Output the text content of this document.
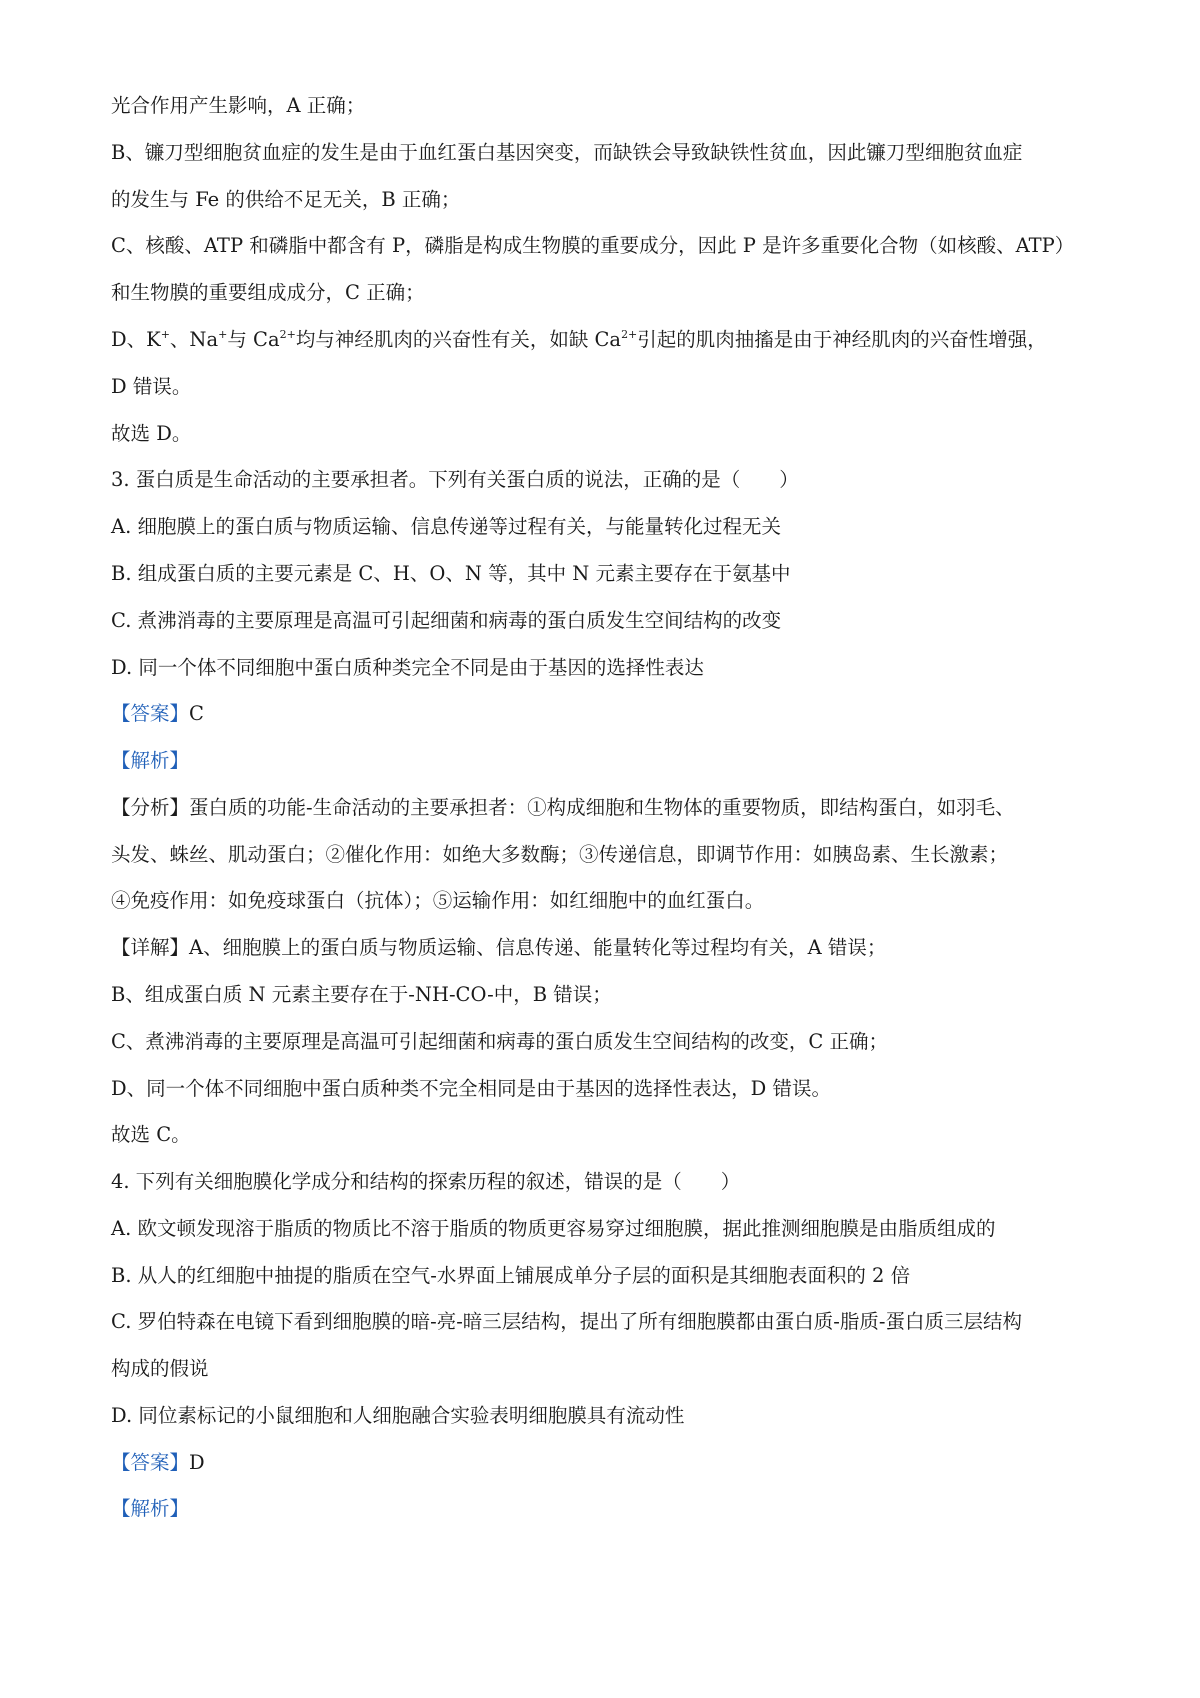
光合作用产生影响，A 正确；
B、镰刀型细胞贫血症的发生是由于血红蛋白基因突变，而缺铁会导致缺铁性贫血，因此镰刀型细胞贫血症
的发生与 Fe 的供给不足无关，B 正确；
C、核酸、ATP 和磷脂中都含有 P，磷脂是构成生物膜的重要成分，因此 P 是许多重要化合物（如核酸、ATP）
和生物膜的重要组成成分，C 正确；
D、K+、Na+与 $Ca^{2+}$均与神经肌肉的兴奋性有关，如缺 $Ca^{2+}$引起的肌肉抽搐是由于神经肌肉的兴奋性增强，
D 错误。
故选 D。
3. 蛋白质是生命活动的主要承担者。下列有关蛋白质的说法，正确的是（　　）
A. 细胞膜上的蛋白质与物质运输、信息传递等过程有关，与能量转化过程无关
B. 组成蛋白质的主要元素是 C、H、O、N 等，其中 N 元素主要存在于氨基中
C. 煮沸消毒的主要原理是高温可引起细菌和病毒的蛋白质发生空间结构的改变
D. 同一个体不同细胞中蛋白质种类完全不同是由于基因的选择性表达
【答案】C
【解析】
【分析】蛋白质的功能-生命活动的主要承担者：①构成细胞和生物体的重要物质，即结构蛋白，如羽毛、
头发、蛛丝、肌动蛋白；②催化作用：如绝大多数酶；③传递信息，即调节作用：如胰岛素、生长激素；
④免疫作用：如免疫球蛋白（抗体）；⑤运输作用：如红细胞中的血红蛋白。
【详解】A、细胞膜上的蛋白质与物质运输、信息传递、能量转化等过程均有关，A 错误；
B、组成蛋白质 N 元素主要存在于-NH-CO-中，B 错误；
C、煮沸消毒的主要原理是高温可引起细菌和病毒的蛋白质发生空间结构的改变，C 正确；
D、同一个体不同细胞中蛋白质种类不完全相同是由于基因的选择性表达，D 错误。
故选 C。
4. 下列有关细胞膜化学成分和结构的探索历程的叙述，错误的是（　　）
A. 欧文顿发现溶于脂质的物质比不溶于脂质的物质更容易穿过细胞膜，据此推测细胞膜是由脂质组成的
B. 从人的红细胞中抽提的脂质在空气-水界面上铺展成单分子层的面积是其细胞表面积的 2 倍
C. 罗伯特森在电镜下看到细胞膜的暗-亮-暗三层结构，提出了所有细胞膜都由蛋白质-脂质-蛋白质三层结构
构成的假说
D. 同位素标记的小鼠细胞和人细胞融合实验表明细胞膜具有流动性
【答案】D
【解析】
